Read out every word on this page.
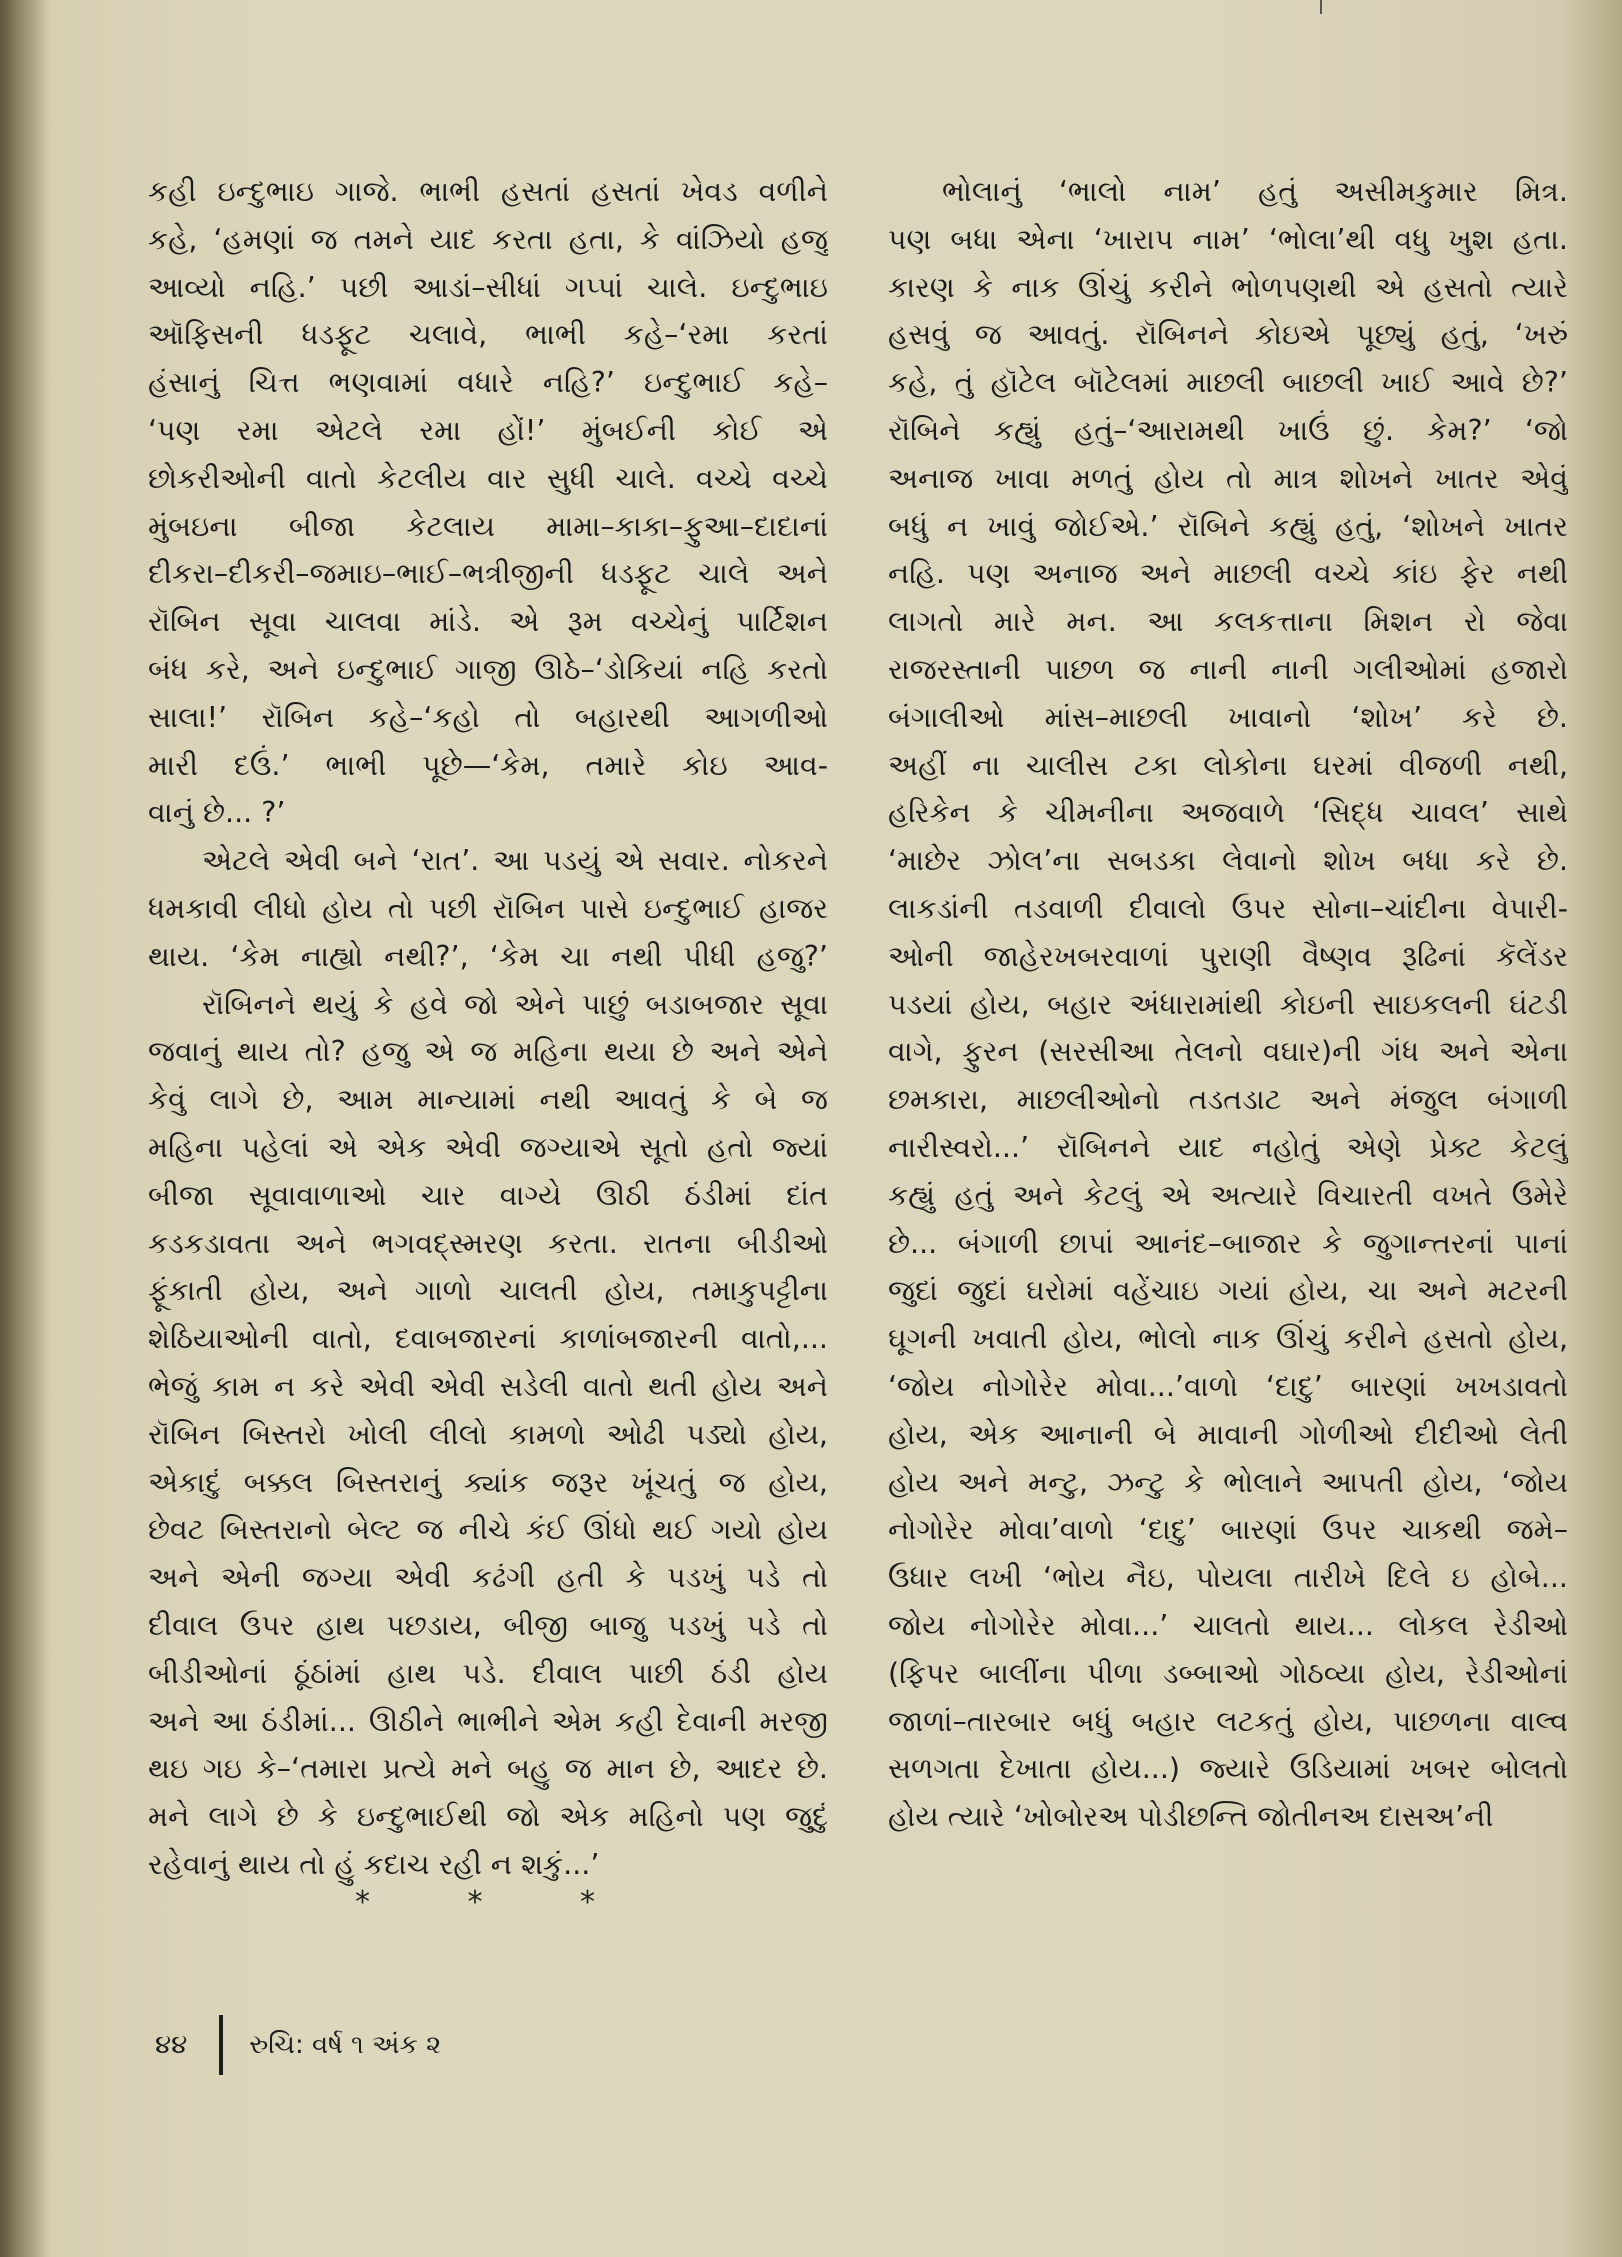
કહી ઇન્દુભાઇ ગાજે. ભાભી હસતાં હસતાં ખેવડ વળીને
કહે, ‘હમણાં જ તમને યાદ કરતા હતા, કે વાંઝિયો હજુ
આવ્યો નહિ.’ પછી આડાં–સીધાં ગપ્પાં ચાલે. ઇન્દુભાઇ
ઑફિસની ધડફૂટ ચલાવે, ભાભી કહે–‘રમા કરતાં
હંસાનું ચિત્ત ભણવામાં વધારે નહિ?’ ઇન્દુભાઈ કહે–
‘પણ રમા એટલે રમા હોં!’ મુંબઈની કોઈ એ
છોકરીઓની વાતો કેટલીય વાર સુધી ચાલે. વચ્ચે વચ્ચે
મુંબઇના બીજા કેટલાય મામા–કાકા–ફુઆ–દાદાનાં
દીકરા–દીકરી–જમાઇ–ભાઈ–ભત્રીજીની ધડફૂટ ચાલે અને
રૉબિન સૂવા ચાલવા માંડે. એ રૂમ વચ્ચેનું પાર્ટિશન
બંધ કરે, અને ઇન્દુભાઈ ગાજી ઊઠે–‘ડોકિયાં નહિ કરતો
સાલા!’ રૉબિન કહે–‘કહો તો બહારથી આગળીઓ
મારી દઉં.’ ભાભી પૂછે—‘કેમ, તમારે કોઇ આવ-
વાનું છે... ?’
એટલે એવી બને ‘રાત’. આ પડયું એ સવાર. નોકરને
ધમકાવી લીધો હોય તો પછી રૉબિન પાસે ઇન્દુભાઈ હાજર
થાય. ‘કેમ નાહ્યો નથી?’, ‘કેમ ચા નથી પીધી હજુ?’
રૉબિનને થયું કે હવે જો એને પાછું બડાબજાર સૂવા
જવાનું થાય તો? હજુ એ જ મહિના થયા છે અને એને
કેવું લાગે છે, આમ માન્યામાં નથી આવતું કે બે જ
મહિના પહેલાં એ એક એવી જગ્યાએ સૂતો હતો જ્યાં
બીજા સૂવાવાળાઓ ચાર વાગ્યે ઊઠી ઠંડીમાં દાંત
કડકડાવતા અને ભગવદ્સ્મરણ કરતા. રાતના બીડીઓ
ફૂંકાતી હોય, અને ગાળો ચાલતી હોય, તમાકુપટ્ટીના
શેઠિયાઓની વાતો, દવાબજારનાં કાળાંબજારની વાતો,...
ભેજું કામ ન કરે એવી એવી સડેલી વાતો થતી હોય અને
રૉબિન બિસ્તરો ખોલી લીલો કામળો ઓઢી પડ્યો હોય,
એકાદું બક્કલ બિસ્તરાનું ક્યાંક જરૂર ખૂંચતું જ હોય,
છેવટ બિસ્તરાનો બેલ્ટ જ નીચે કંઈ ઊંધો થઈ ગયો હોય
અને એની જગ્યા એવી કઢંગી હતી કે પડખું પડે તો
દીવાલ ઉપર હાથ પછડાય, બીજી બાજુ પડખું પડે તો
બીડીઓનાં ઠૂંઠાંમાં હાથ પડે. દીવાલ પાછી ઠંડી હોય
અને આ ઠંડીમાં... ઊઠીને ભાભીને એમ કહી દેવાની મરજી
થઇ ગઇ કે–‘તમારા પ્રત્યે મને બહુ જ માન છે, આદર છે.
મને લાગે છે કે ઇન્દુભાઈથી જો એક મહિનો પણ જુદું
રહેવાનું થાય તો હું કદાચ રહી ન શકું...’
*	*	*
ભોલાનું ‘ભાલો નામ’ હતું અસીમકુમાર મિત્ર.
પણ બધા એના ‘ખારાપ નામ’ ‘ભોલા’થી વધુ ખુશ હતા.
કારણ કે નાક ઊંચું કરીને ભોળપણથી એ હસતો ત્યારે
હસવું જ આવતું. રૉબિનને કોઇએ પૂછ્યું હતું, ‘ખરું
કહે, તું હૉટેલ બૉટેલમાં માછલી બાછલી ખાઈ આવે છે?’
રૉબિને કહ્યું હતું–‘આરામથી ખાઉં છું. કેમ?’ ‘જો
અનાજ ખાવા મળતું હોય તો માત્ર શોખને ખાતર એવું
બધું ન ખાવું જોઈએ.’ રૉબિને કહ્યું હતું, ‘શોખને ખાતર
નહિ. પણ અનાજ અને માછલી વચ્ચે કાંઇ ફેર નથી
લાગતો મારે મન. આ કલકત્તાના મિશન રો જેવા
રાજરસ્તાની પાછળ જ નાની નાની ગલીઓમાં હજારો
બંગાલીઓ માંસ–માછલી ખાવાનો ‘શોખ’ કરે છે.
અહીં ના ચાલીસ ટકા લોકોના ઘરમાં વીજળી નથી,
હરિકેન કે ચીમનીના અજવાળે ‘સિદ્ધ ચાવલ’ સાથે
‘માછેર ઝોલ’ના સબડકા લેવાનો શોખ બધા કરે છે.
લાકડાંની તડવાળી દીવાલો ઉપર સોના–ચાંદીના વેપારી-
ઓની જાહેરખબરવાળાં પુરાણી વૈષ્ણવ રૂઢિનાં કૅલેંડર
પડયાં હોય, બહાર અંધારામાંથી કોઇની સાઇકલની ઘંટડી
વાગે, ફુરન (સરસીઆ તેલનો વઘાર)ની ગંધ અને એના
છમકારા, માછલીઓનો તડતડાટ અને મંજુલ બંગાળી
નારીસ્વરો...’ રૉબિનને યાદ નહોતું એણે પ્રેક્ટ કેટલું
કહ્યું હતું અને કેટલું એ અત્યારે વિચારતી વખતે ઉમેરે
છે... બંગાળી છાપાં આનંદ–બાજાર કે જુગાન્તરનાં પાનાં
જુદાં જુદાં ઘરોમાં વહેંચાઇ ગયાં હોય, ચા અને મટરની
ઘૂગની ખવાતી હોય, ભોલો નાક ઊંચું કરીને હસતો હોય,
‘જોય નોગોરેર મોવા...’વાળો ‘દાદુ’ બારણાં ખખડાવતો
હોય, એક આનાની બે માવાની ગોળીઓ દીદીઓ લેતી
હોય અને મન્ટુ, ઝન્ટુ કે ભોલાને આપતી હોય, ‘જોય
નોગોરેર મોવા’વાળો ‘દાદુ’ બારણાં ઉપર ચાકથી જમે–
ઉધાર લખી ‘ભોય નૈઇ, પોયલા તારીખે દિલે ઇ હોબે...
જોય નોગોરેર મોવા...’ ચાલતો થાય... લોકલ રેડીઓ
(ફિપર બાલીંના પીળા ડબ્બાઓ ગોઠવ્યા હોય, રેડીઓનાં
જાળાં–તારબાર બધું બહાર લટકતું હોય, પાછળના વાલ્વ
સળગતા દેખાતા હોય...) જ્યારે ઉડિયામાં ખબર બોલતો
હોય ત્યારે ‘ખોબોરઅ પોડીછન્તિ જોતીનઅ દાસઅ’ની
૪૪ રુચિ: વર્ષ ૧ અંક ૨
